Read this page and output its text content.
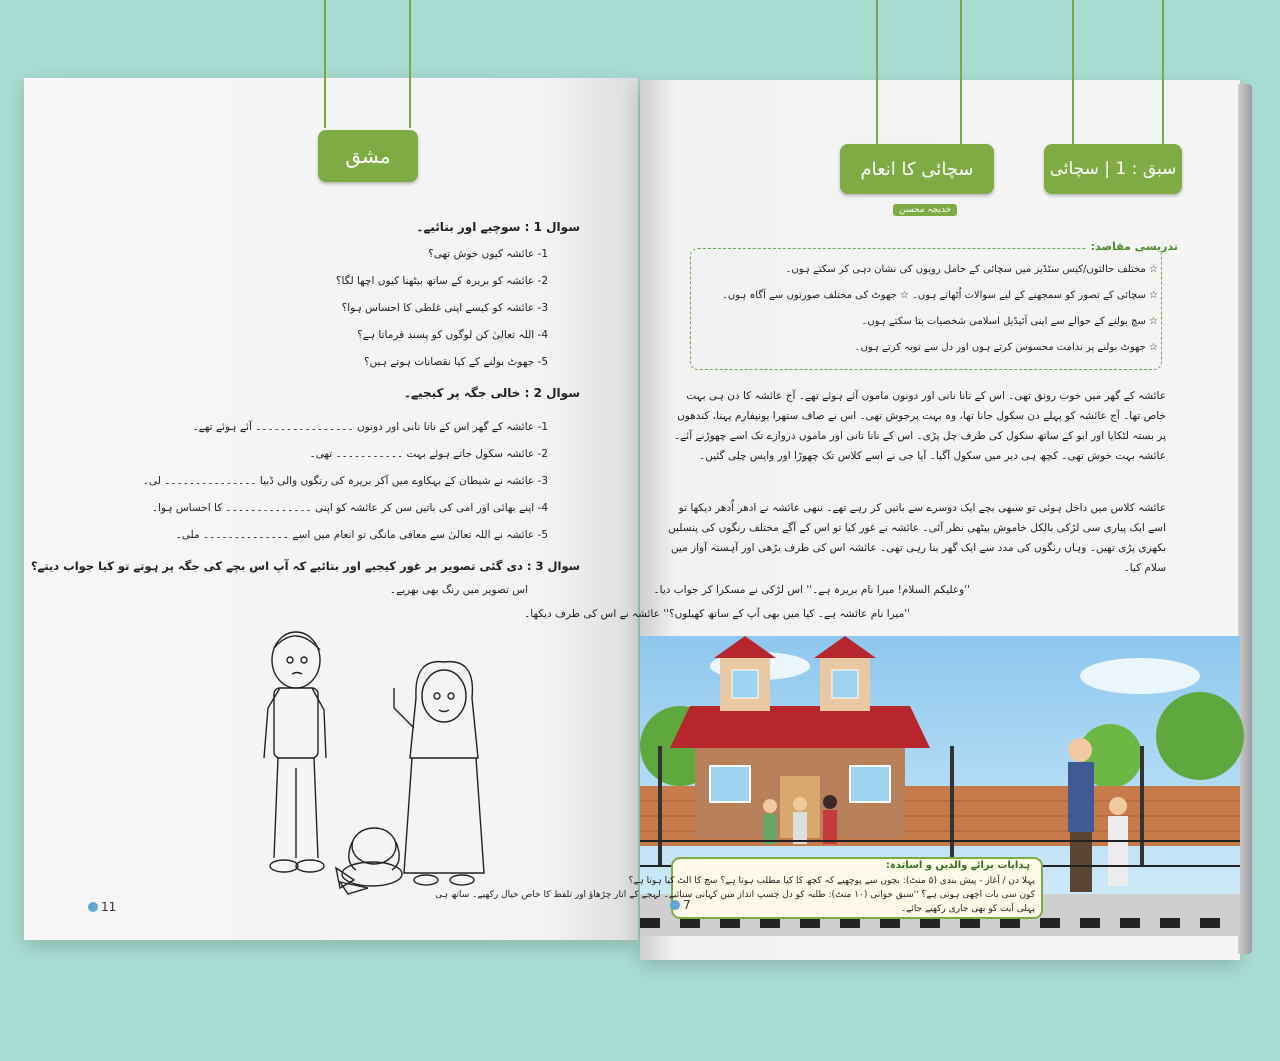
مشق
سوال 1 : سوچیے اور بتائیے۔
1- عائشہ کیوں خوش تھی؟
2- عائشہ کو بریرہ کے ساتھ بیٹھنا کیوں اچھا لگا؟
3- عائشہ کو کیسے اپنی غلطی کا احساس ہوا؟
4- اللہ تعالیٰ کن لوگوں کو پسند فرماتا ہے؟
5- جھوٹ بولنے کے کیا نقصانات ہوتے ہیں؟
سوال 2 : خالی جگہ پر کیجیے۔
1- عائشہ کے گھر اس کے نانا نانی اور دونوں ۔۔۔۔۔۔۔۔۔۔۔۔۔۔۔۔ آئے ہوئے تھے۔
2- عائشہ سکول جاتے ہوئے بہت ۔۔۔۔۔۔۔۔۔۔۔ تھی۔
3- عائشہ نے شیطان کے بہکاوے میں آکر بریرہ کی رنگوں والی ڈبیا ۔۔۔۔۔۔۔۔۔۔۔۔۔۔۔ لی۔
4- اپنے بھائی اور امی کی باتیں سن کر عائشہ کو اپنی ۔۔۔۔۔۔۔۔۔۔۔۔۔۔ کا احساس ہوا۔
5- عائشہ نے اللہ تعالیٰ سے معافی مانگی تو انعام میں اسے ۔۔۔۔۔۔۔۔۔۔۔۔۔۔ ملی۔
سوال 3 : دی گئی تصویر پر غور کیجیے اور بتائیے کہ آپ اس بچے کی جگہ پر ہوتے تو کیا جواب دیتے؟
اس تصویر میں رنگ بھی بھریے۔
11
سچائی کا انعام
خدیجہ محسن
سبق : 1 | سچائی
تدریسی مقاصد:
☆ مختلف حالتوں/کیس سٹڈیز میں سچائی کے حامل رویوں کی نشان دہی کر سکتے ہوں۔
☆ سچائی کے تصور کو سمجھنے کے لیے سوالات اُٹھاتے ہوں۔ ☆ جھوٹ کی مختلف صورتوں سے آگاہ ہوں۔
☆ سچ بولنے کے حوالے سے اپنی آئیڈیل اسلامی شخصیات بتا سکتے ہوں۔
☆ جھوٹ بولنے پر ندامت محسوس کرتے ہوں اور دل سے توبہ کرتے ہوں۔
عائشہ کے گھر میں خوب رونق تھی۔ اس کے نانا نانی اور دونوں ماموں آئے ہوئے تھے۔ آج عائشہ کا دن ہی بہت خاص تھا۔ آج عائشہ کو پہلے دن سکول جانا تھا، وہ بہت پرجوش تھی۔ اس نے صاف ستھرا یونیفارم پہنا، کندھوں پر بستہ لٹکایا اور ابو کے ساتھ سکول کی طرف چل پڑی۔ اس کے نانا نانی اور ماموں دروازے تک اسے چھوڑنے آئے۔ عائشہ بہت خوش تھی۔ کچھ ہی دیر میں سکول آگیا۔ آپا جی نے اسے کلاس تک چھوڑا اور واپس چلی گئیں۔
عائشہ کلاس میں داخل ہوئی تو سبھی بچے ایک دوسرے سے باتیں کر رہے تھے۔ ننھی عائشہ نے ادھر اُدھر دیکھا تو اسے ایک پیاری سی لڑکی بالکل خاموش بیٹھی نظر آئی۔ عائشہ نے غور کیا تو اس کے آگے مختلف رنگوں کی پنسلیں بکھری پڑی تھیں۔ وہاں رنگوں کی مدد سے ایک گھر بنا رہی تھی۔ عائشہ اس کی طرف بڑھی اور آہستہ آواز میں سلام کیا۔
''وعلیکم السلام! میرا نام بریرہ ہے۔'' اس لڑکی نے مسکرا کر جواب دیا۔
''میرا نام عائشہ ہے۔ کیا میں بھی آپ کے ساتھ کھیلوں؟'' عائشہ نے اس کی طرف دیکھا۔
ہدایات برائے والدین و اساتذہ:
پہلا دن / آغاز - پیش بندی (۵ منٹ): بچوں سے پوچھیے کہ کچھ کا کیا مطلب ہوتا ہے؟ سچ کا الٹ کیا ہوتا ہے؟
کون سی بات اچھی ہوتی ہے؟ ''سبق خوانی (۱۰ منٹ): طلبہ کو دل چسپ انداز میں کہانی سنائیے۔ لہجے کے اتار چڑھاؤ اور تلفظ کا خاص خیال رکھیے۔ ساتھ ہی
پہلی آیت کو بھی جاری رکھیے جائے۔
7
